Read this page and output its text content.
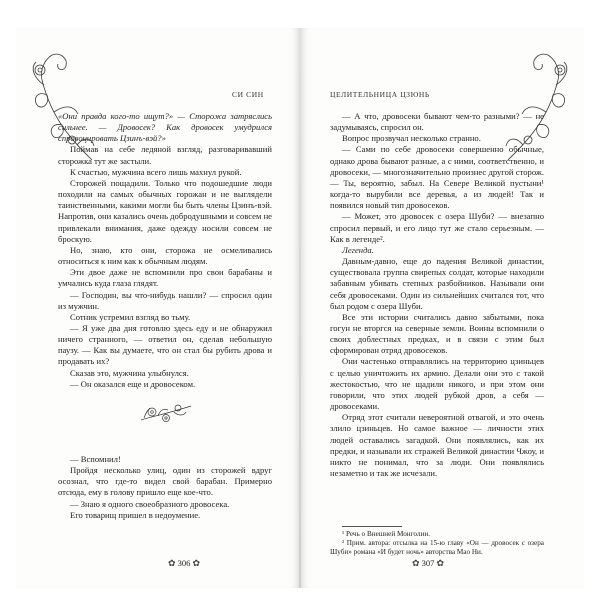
СИ СИН	ЦЕЛИТЕЛЬНИЦА ЦЗЮНЬ

«Они правда кого-то ищут?» — Сторожа затряслись сильнее. — Дровосек? Как дровосек умудрился спровоцировать Цзинъ-вэй?»

Поймав на себе ледяной взгляд, разговаривавший сторожка тут же застыли.

К счастью, мужчина всего лишь махнул рукой.

Сторожей пощадили. Только что подошедшие люди походили на самых обычных горожан и не выглядели таинственными, какими могли бы быть члены Цзинъ-вэй. Напротив, они казались очень добродушными и совсем не привлекали внимания, даже одежду носили совсем не броскую.

Но, знаю, кто они, сторожа не осмеливались относиться к ним как к обычным людям.

Эти двое даже не вспомнили про свои барабаны и умчались куда глаза глядят.

— Господин, вы что-нибудь нашли? — спросил один из мужчин.

Сотник устремил взгляд во тьму.

— Я уже два дня готовлю здесь еду и не обнаружил ничего странного, — ответил он, сделав небольшую паузу. — Как вы думаете, что он стал бы рубить дрова и продавать их?

Сказав это, мужчина улыбнулся.

— Он оказался еще и дровосеком.

— Вспомнил!

Пройдя несколько улиц, один из сторожей вдруг осознал, что где-то видел свой барабан. Примерно отсюда, ему в голову пришло еще кое-что.

— Знаю я одного своеобразного дровосека.

Его товарищ пришел в недоумение.

— А что, дровосеки бывают чем-то разными? — не задумываясь, спросил он.

Вопрос прозвучал несколько странно.

— Сами по себе дровосеки совершенно обычные, однако дрова бывают разные, а с ними, соответственно, и дровосеки, — многозначительно произнес другой сторож. — Ты, вероятно, забыл. На Севере Великой пустыни¹ когда-то вырубили все деревья, а из людей! Так и появился новый тип дровосеков.

— Может, это дровосек с озера Шуби? — внезапно спросил первый, и его лицо тут же стало серьезным. — Как в легенде².

Легенда.

Давным-давно, еще до падения Великой династии, существовала группа свирепых солдат, которые находили забавным убивать степных разбойников. Называли они себя дровосеками. Один из сильнейших считался тот, что был родом с озера Шуби.

Все эти истории считались давно забытыми, пока гогун не вторгся на северные земли. Воины вспомнили о своих доблестных предках, и в связи с этим был сформирован отряд дровосеков.

Они частенько отправлялись на территорию цзиньцев с целью уничтожить их армию. Делали они это с такой жестокостью, что не щадили никого, и при этом они говорили, что этих людей рубкой дров, а себя — дровосеками.

Отряд этот считали невероятной отвагой, и это очень злило цзиньцев. Но самое важное — личности этих людей оставались загадкой. Они появлялись, как их предки, и называли их стражей Великой династии Чжоу, и никто не понимал, что за люди. Они появлялись незаметно и так же исчезали.

¹ Речь о Внешней Монголии.

² Прим. автора: отсылка на 15-ю главу «Он — дровосек с озера Шуби» романа «И будет ночь» авторства Мао Ни.

✿ 306 ✿	✿ 307 ✿
